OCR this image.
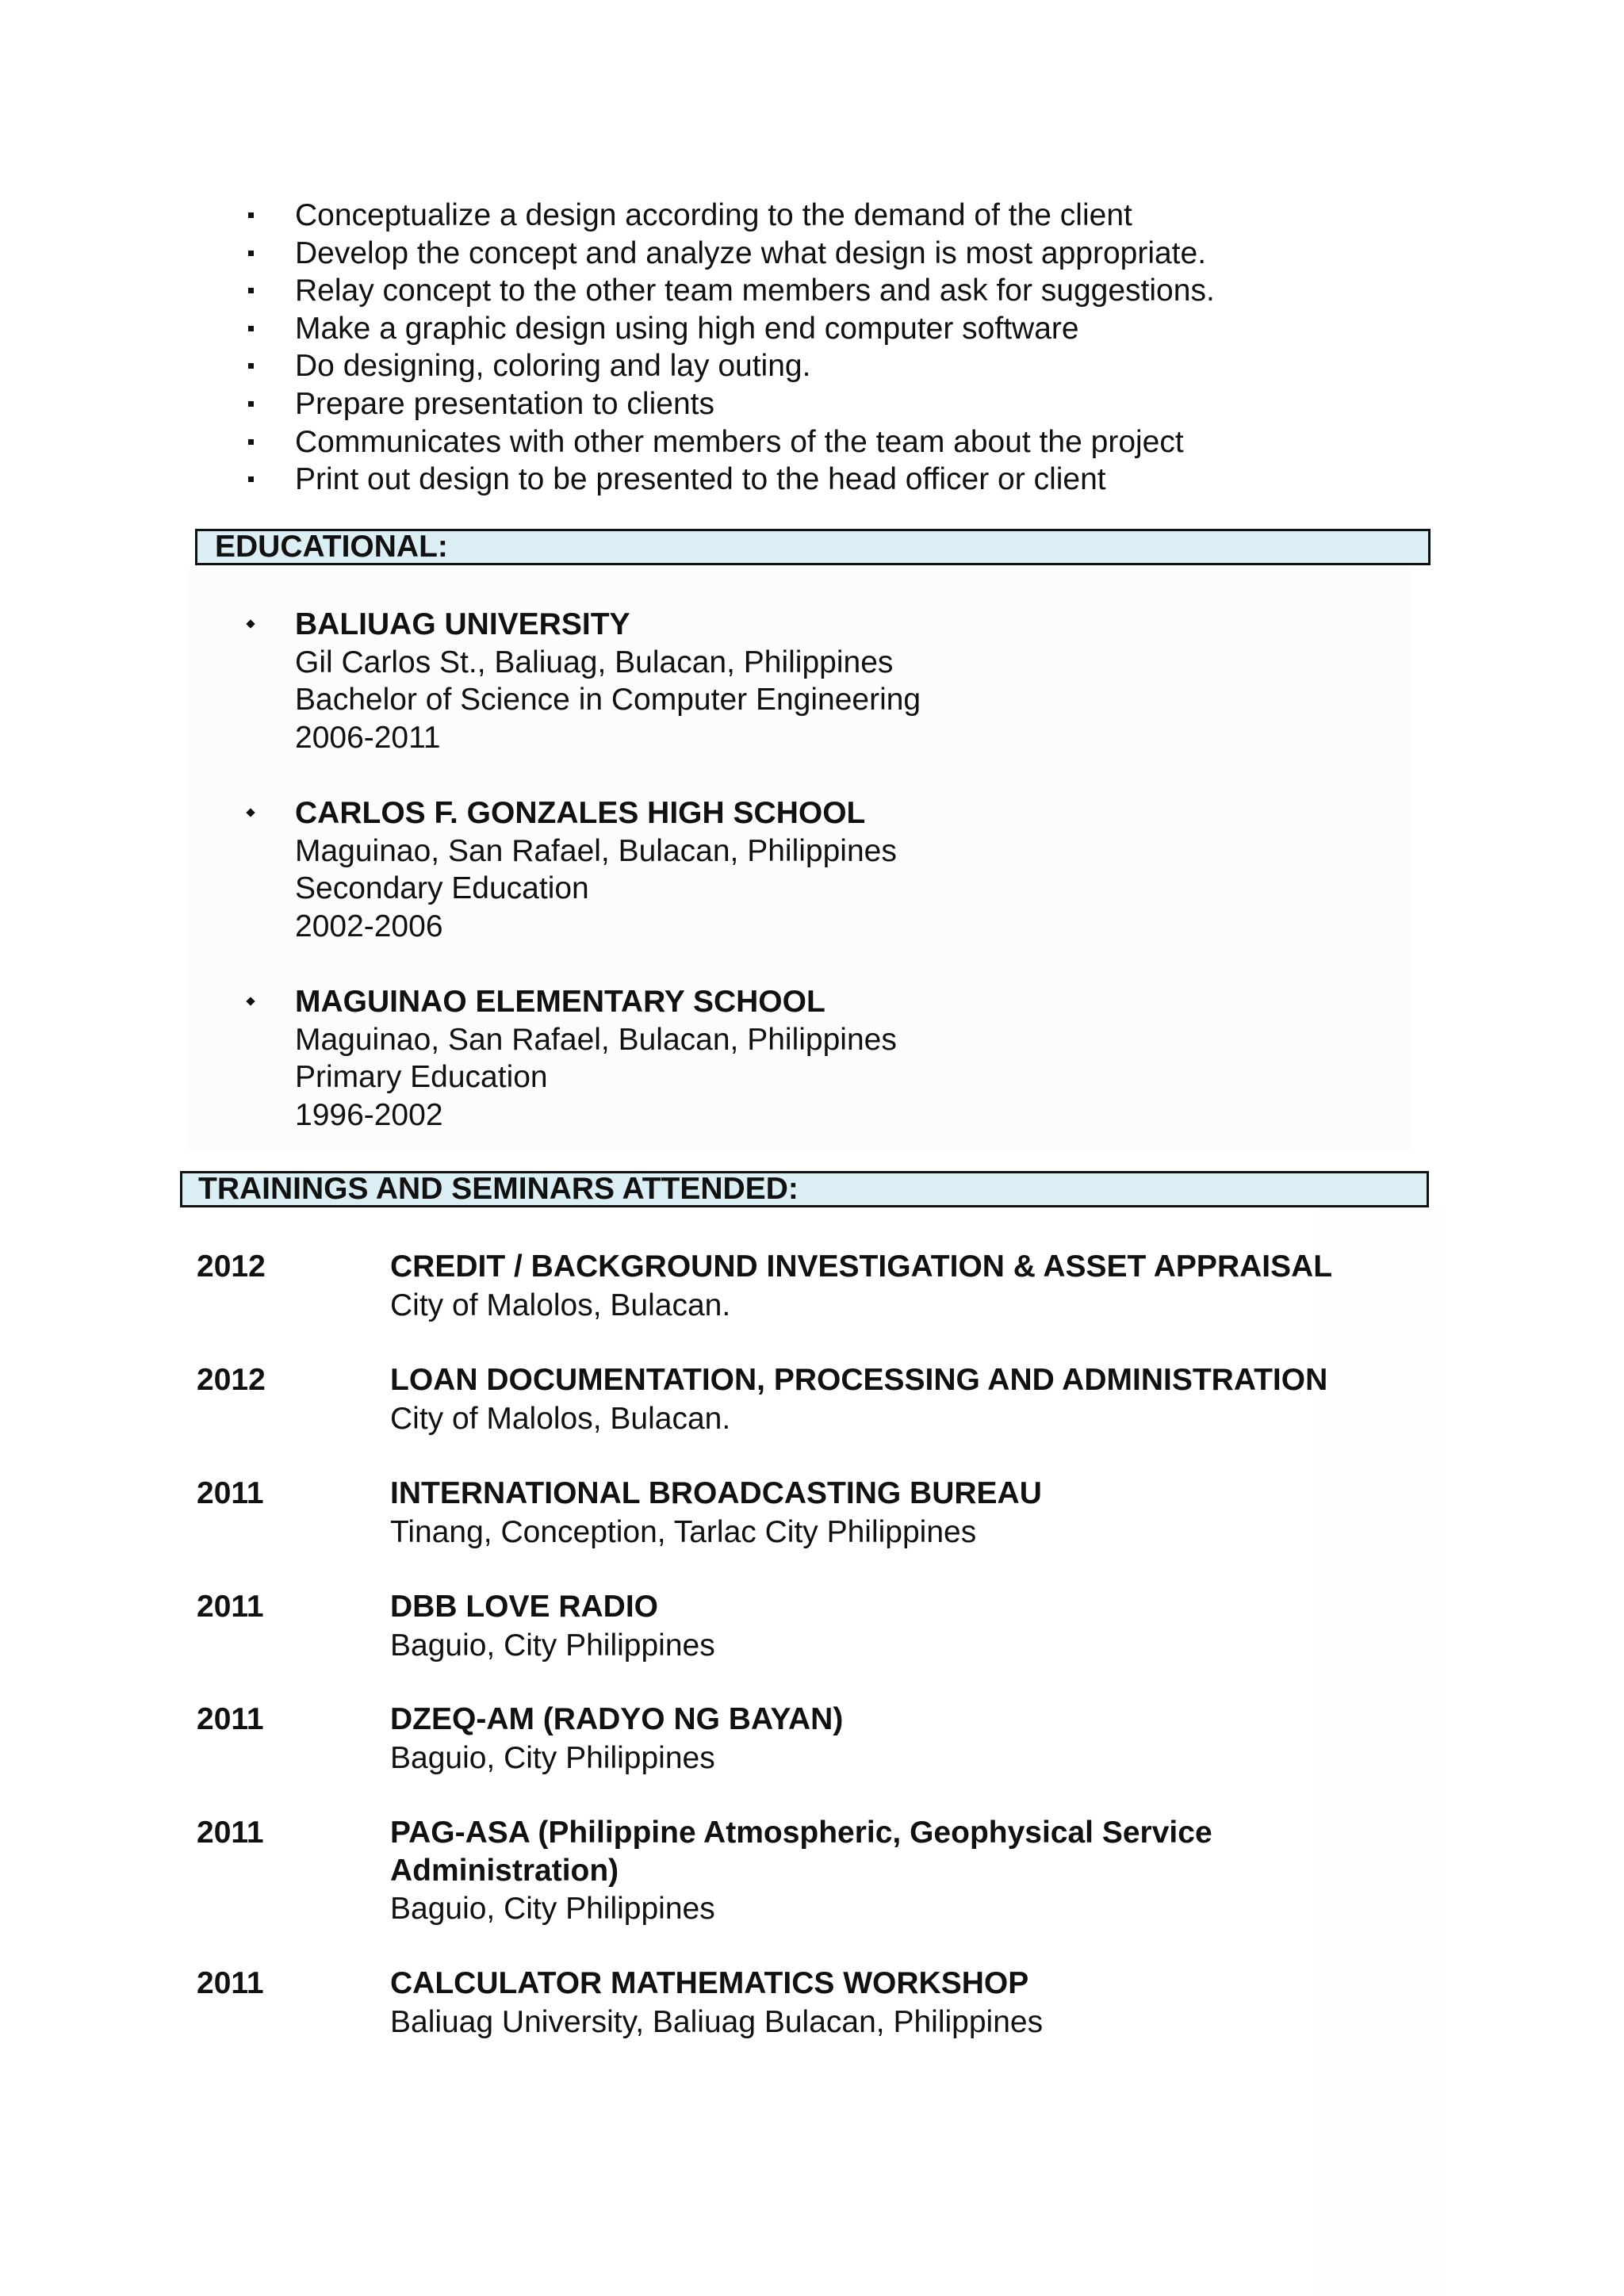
Conceptualize a design according to the demand of the client
Develop the concept and analyze what design is most appropriate.
Relay concept to the other team members and ask for suggestions.
Make a graphic design using high end computer software
Do designing, coloring and lay outing.
Prepare presentation to clients
Communicates with other members of the team about the project
Print out design to be presented to the head officer or client
EDUCATIONAL:
BALIUAG UNIVERSITY
Gil Carlos St., Baliuag, Bulacan, Philippines
Bachelor of Science in Computer Engineering
2006-2011
CARLOS F. GONZALES HIGH SCHOOL
Maguinao, San Rafael, Bulacan, Philippines
Secondary Education
2002-2006
MAGUINAO ELEMENTARY SCHOOL
Maguinao, San Rafael, Bulacan, Philippines
Primary Education
1996-2002
TRAININGS AND SEMINARS ATTENDED:
2012	CREDIT / BACKGROUND INVESTIGATION & ASSET APPRAISAL
City of Malolos, Bulacan.
2012	LOAN DOCUMENTATION, PROCESSING AND ADMINISTRATION
City of Malolos, Bulacan.
2011	INTERNATIONAL BROADCASTING BUREAU
Tinang, Conception, Tarlac City Philippines
2011	DBB LOVE RADIO
Baguio, City Philippines
2011	DZEQ-AM (RADYO NG BAYAN)
Baguio, City Philippines
2011	PAG-ASA (Philippine Atmospheric, Geophysical Service Administration)
Baguio, City Philippines
2011	CALCULATOR MATHEMATICS WORKSHOP
Baliuag University, Baliuag Bulacan, Philippines
